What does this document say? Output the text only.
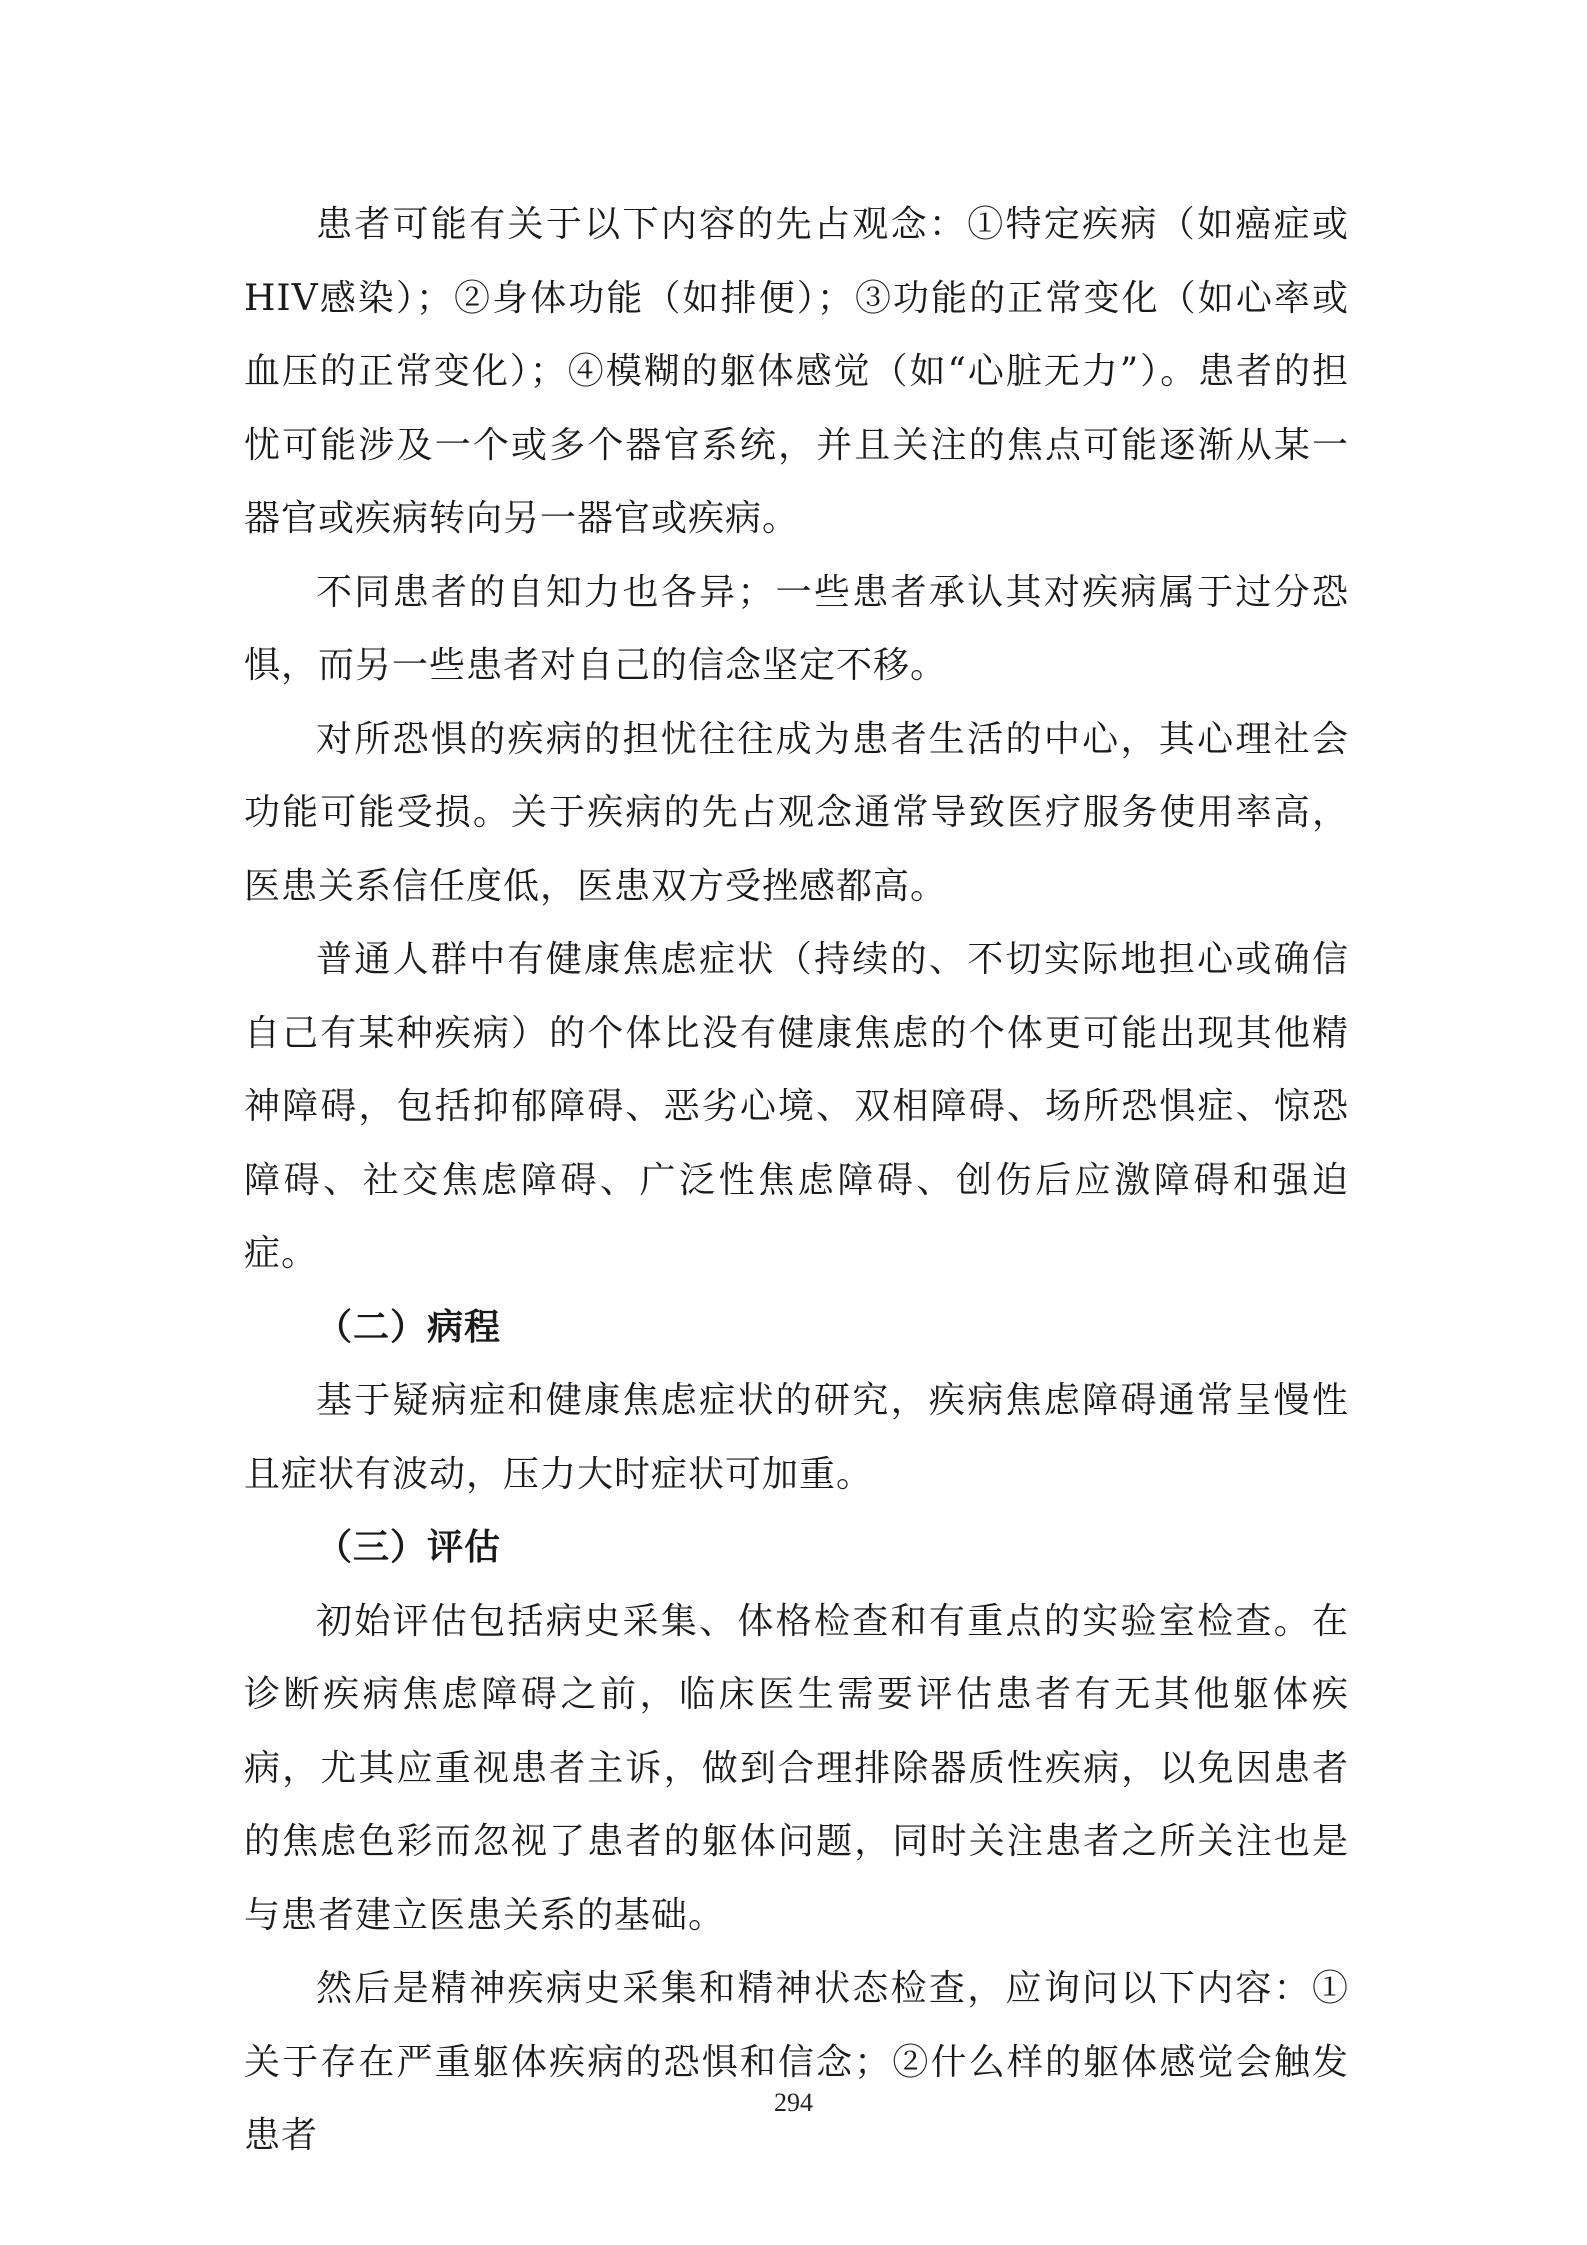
患者可能有关于以下内容的先占观念：①特定疾病（如癌症或HIV感染）；②身体功能（如排便）；③功能的正常变化（如心率或血压的正常变化）；④模糊的躯体感觉（如“心脏无力”）。患者的担忧可能涉及一个或多个器官系统，并且关注的焦点可能逐渐从某一器官或疾病转向另一器官或疾病。

不同患者的自知力也各异；一些患者承认其对疾病属于过分恐惧，而另一些患者对自己的信念坚定不移。

对所恐惧的疾病的担忧往往成为患者生活的中心，其心理社会功能可能受损。关于疾病的先占观念通常导致医疗服务使用率高，医患关系信任度低，医患双方受挫感都高。

普通人群中有健康焦虑症状（持续的、不切实际地担心或确信自己有某种疾病）的个体比没有健康焦虑的个体更可能出现其他精神障碍，包括抑郁障碍、恶劣心境、双相障碍、场所恐惧症、惊恐障碍、社交焦虑障碍、广泛性焦虑障碍、创伤后应激障碍和强迫症。

（二）病程

基于疑病症和健康焦虑症状的研究，疾病焦虑障碍通常呈慢性且症状有波动，压力大时症状可加重。

（三）评估

初始评估包括病史采集、体格检查和有重点的实验室检查。在诊断疾病焦虑障碍之前，临床医生需要评估患者有无其他躯体疾病，尤其应重视患者主诉，做到合理排除器质性疾病，以免因患者的焦虑色彩而忽视了患者的躯体问题，同时关注患者之所关注也是与患者建立医患关系的基础。

然后是精神疾病史采集和精神状态检查，应询问以下内容：①关于存在严重躯体疾病的恐惧和信念；②什么样的躯体感觉会触发患者

294
